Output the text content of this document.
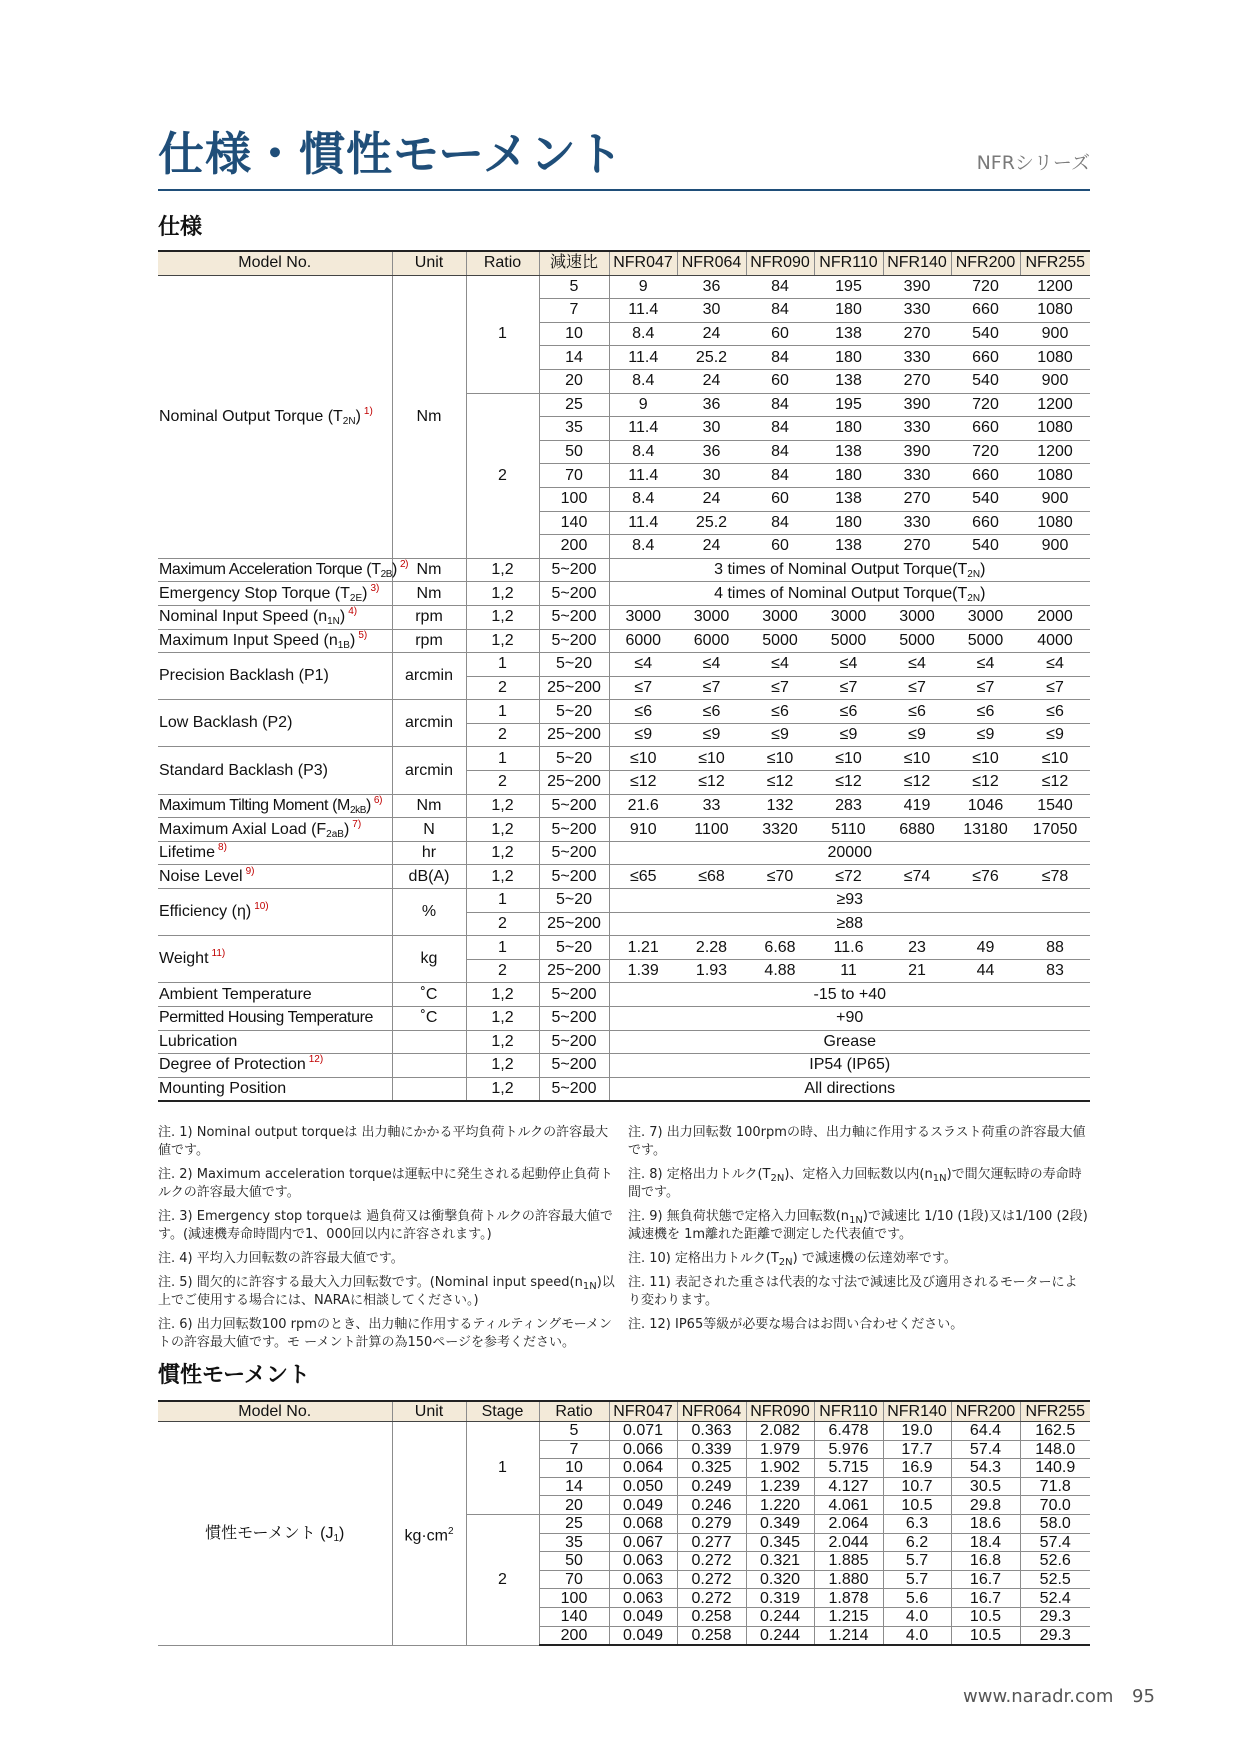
仕様・慣性モーメント	NFRシリーズ
仕様
Model No.	Unit	Ratio	減速比	NFR047	NFR064	NFR090	NFR110	NFR140	NFR200	NFR255
Nominal Output Torque $(T_{2N})$ $^{1)}$	Nm	1	5	9	36	84	195	390	720	1200
			7	11.4	30	84	180	330	660	1080
			10	8.4	24	60	138	270	540	900
			14	11.4	25.2	84	180	330	660	1080
			20	8.4	24	60	138	270	540	900
		2	25	9	36	84	195	390	720	1200
			35	11.4	30	84	180	330	660	1080
			50	8.4	36	84	138	390	720	1200
			70	11.4	30	84	180	330	660	1080
			100	8.4	24	60	138	270	540	900
			140	11.4	25.2	84	180	330	660	1080
			200	8.4	24	60	138	270	540	900
Maximum Acceleration Torque $(T_{2B})$ $^{2)}$	Nm	1,2	5~200	3 times of Nominal Output $Torque(T_{2N})$						
Emergency Stop Torque $(T_{2E})$ $^{3)}$	Nm	1,2	5~200	4 times of Nominal Output $Torque(T_{2N})$						
Nominal Input Speed $(n_{1N})$ $^{4)}$	rpm	1,2	5~200	3000	3000	3000	3000	3000	3000	2000
Maximum Input Speed $(n_{1B})$ $^{5)}$	rpm	1,2	5~200	6000	6000	5000	5000	5000	5000	4000
Precision Backlash (P1)	arcmin	1	5~20	≤4	≤4	≤4	≤4	≤4	≤4	≤4
		2	25~200	≤7	≤7	≤7	≤7	≤7	≤7	≤7
Low Backlash (P2)	arcmin	1	5~20	≤6	≤6	≤6	≤6	≤6	≤6	≤6
		2	25~200	≤9	≤9	≤9	≤9	≤9	≤9	≤9
Standard Backlash (P3)	arcmin	1	5~20	≤10	≤10	≤10	≤10	≤10	≤10	≤10
		2	25~200	≤12	≤12	≤12	≤12	≤12	≤12	≤12
Maximum Tilting Moment $(M_{2kB})$ $^{6)}$	Nm	1,2	5~200	21.6	33	132	283	419	1046	1540
Maximum Axial Load $(F_{2aB})$ $^{7)}$	N	1,2	5~200	910	1100	3320	5110	6880	13180	17050
Lifetime $^{8)}$	hr	1,2	5~200	20000						
Noise Level $^{9)}$	dB(A)	1,2	5~200	≤65	≤68	≤70	≤72	≤74	≤76	≤78
Efficiency (η) $^{10)}$	%	1	5~20	≥93						
		2	25~200	≥88						
Weight $^{11)}$	kg	1	5~20	1.21	2.28	6.68	11.6	23	49	88
		2	25~200	1.39	1.93	4.88	11	21	44	83
Ambient Temperature	˚C	1,2	5~200	-15 to +40						
Permitted Housing Temperature	˚C	1,2	5~200	+90						
Lubrication		1,2	5~200	Grease						
Degree of Protection $^{12)}$		1,2	5~200	IP54 (IP65)						
Mounting Position		1,2	5~200	All directions						

注. 1) Nominal output torqueは 出力軸にかかる平均負荷トルクの許容最大値です。

注. 2) Maximum acceleration torqueは運転中に発生される起動停止負荷トルクの許容最大値です。

注. 3) Emergency stop torqueは 過負荷又は衝撃負荷トルクの許容最大値です。(減速機寿命時間内で1、000回以内に許容されます。)

注. 4) 平均入力回転数の許容最大値です。

注. 5) 間欠的に許容する最大入力回転数です。(Nominal input $speed(n_{1N})$以上でご使用する場合には、NARAに相談してください。)

注. 6) 出力回転数100 rpmのとき、出力軸に作用するティルティングモーメントの許容最大値です。モ ーメント計算の為150ページを参考ください。

注. 7) 出力回転数 100rpmの時、出力軸に作用するスラスト荷重の許容最大値です。

注. 8) 定格出力トルク$(T_{2N})$、定格入力回転数以内$(n_{1N})$で間欠運転時の寿命時間です。

注. 9) 無負荷状態で定格入力回転数$(n_{1N})$で減速比 1/10 (1段)又は1/100 (2段) 減速機を 1m離れた距離で測定した代表値です。

注. 10) 定格出力トルク$(T_{2N})$ で減速機の伝達効率です。

注. 11) 表記された重さは代表的な寸法で減速比及び適用されるモーターにより変わります。

注. 12) IP65等級が必要な場合はお問い合わせください。

慣性モーメント
Model No.	Unit	Stage	Ratio	NFR047	NFR064	NFR090	NFR110	NFR140	NFR200	NFR255
慣性モーメント $(J_1)$	$kg\cdot cm^2$	1	5	0.071	0.363	2.082	6.478	19.0	64.4	162.5
			7	0.066	0.339	1.979	5.976	17.7	57.4	148.0
			10	0.064	0.325	1.902	5.715	16.9	54.3	140.9
			14	0.050	0.249	1.239	4.127	10.7	30.5	71.8
			20	0.049	0.246	1.220	4.061	10.5	29.8	70.0
		2	25	0.068	0.279	0.349	2.064	6.3	18.6	58.0
			35	0.067	0.277	0.345	2.044	6.2	18.4	57.4
			50	0.063	0.272	0.321	1.885	5.7	16.8	52.6
			70	0.063	0.272	0.320	1.880	5.7	16.7	52.5
			100	0.063	0.272	0.319	1.878	5.6	16.7	52.4
			140	0.049	0.258	0.244	1.215	4.0	10.5	29.3
			200	0.049	0.258	0.244	1.214	4.0	10.5	29.3
www.naradr.com 95
